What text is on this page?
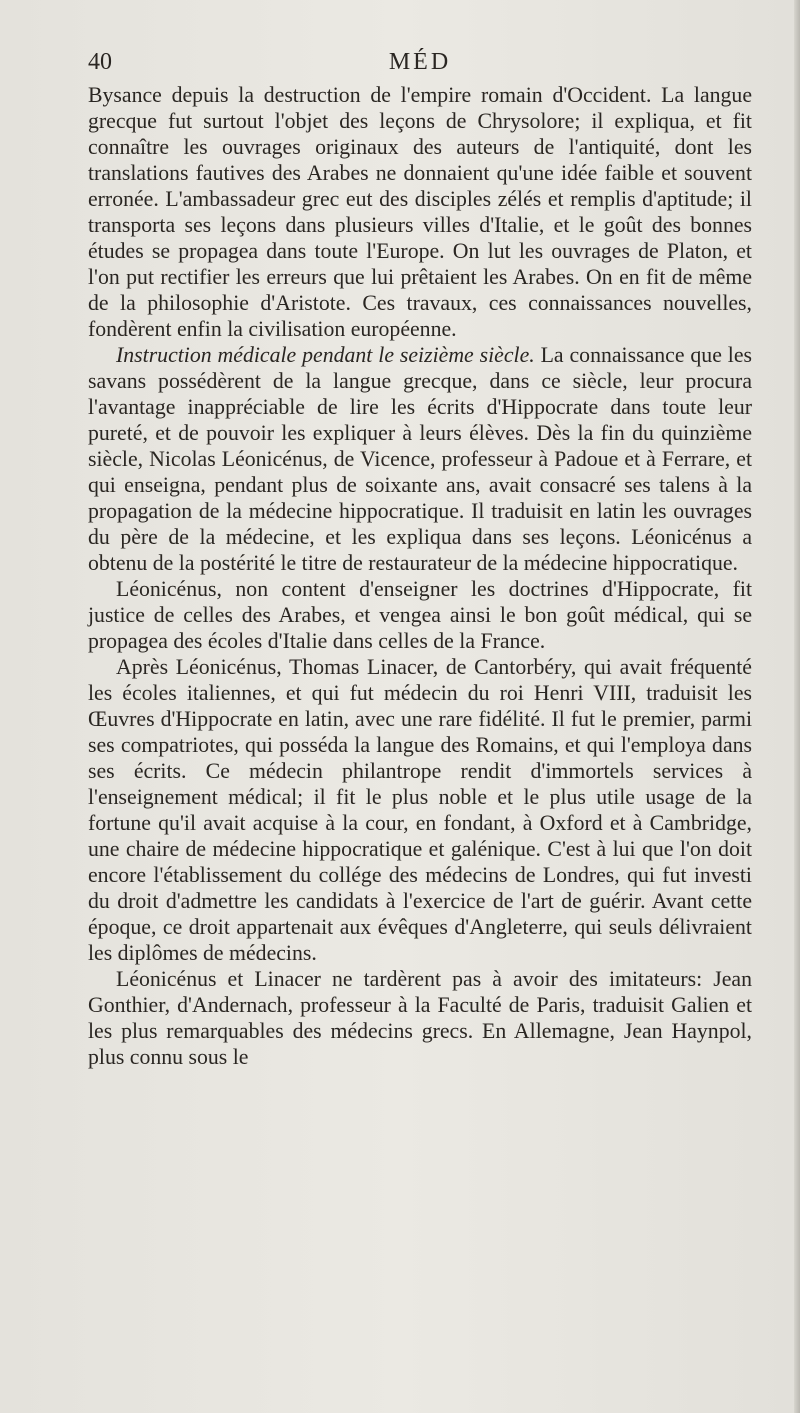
40	MÉD

Bysance depuis la destruction de l'empire romain d'Occident. La langue grecque fut surtout l'objet des leçons de Chrysolore; il expliqua, et fit connaître les ouvrages originaux des auteurs de l'antiquité, dont les translations fautives des Arabes ne donnaient qu'une idée faible et souvent erronée. L'ambassadeur grec eut des disciples zélés et remplis d'aptitude; il transporta ses leçons dans plusieurs villes d'Italie, et le goût des bonnes études se propagea dans toute l'Europe. On lut les ouvrages de Platon, et l'on put rectifier les erreurs que lui prêtaient les Arabes. On en fit de même de la philosophie d'Aristote. Ces travaux, ces connaissances nouvelles, fondèrent enfin la civilisation européenne.

Instruction médicale pendant le seizième siècle. La connaissance que les savans possédèrent de la langue grecque, dans ce siècle, leur procura l'avantage inappréciable de lire les écrits d'Hippocrate dans toute leur pureté, et de pouvoir les expliquer à leurs élèves. Dès la fin du quinzième siècle, Nicolas Léonicénus, de Vicence, professeur à Padoue et à Ferrare, et qui enseigna, pendant plus de soixante ans, avait consacré ses talens à la propagation de la médecine hippocratique. Il traduisit en latin les ouvrages du père de la médecine, et les expliqua dans ses leçons. Léonicénus a obtenu de la postérité le titre de restaurateur de la médecine hippocratique.

Léonicénus, non content d'enseigner les doctrines d'Hippocrate, fit justice de celles des Arabes, et vengea ainsi le bon goût médical, qui se propagea des écoles d'Italie dans celles de la France.

Après Léonicénus, Thomas Linacer, de Cantorbéry, qui avait fréquenté les écoles italiennes, et qui fut médecin du roi Henri VIII, traduisit les Œuvres d'Hippocrate en latin, avec une rare fidélité. Il fut le premier, parmi ses compatriotes, qui posséda la langue des Romains, et qui l'employa dans ses écrits. Ce médecin philantrope rendit d'immortels services à l'enseignement médical; il fit le plus noble et le plus utile usage de la fortune qu'il avait acquise à la cour, en fondant, à Oxford et à Cambridge, une chaire de médecine hippocratique et galénique. C'est à lui que l'on doit encore l'établissement du collége des médecins de Londres, qui fut investi du droit d'admettre les candidats à l'exercice de l'art de guérir. Avant cette époque, ce droit appartenait aux évêques d'Angleterre, qui seuls délivraient les diplômes de médecins.

Léonicénus et Linacer ne tardèrent pas à avoir des imitateurs: Jean Gonthier, d'Andernach, professeur à la Faculté de Paris, traduisit Galien et les plus remarquables des médecins grecs. En Allemagne, Jean Haynpol, plus connu sous le
